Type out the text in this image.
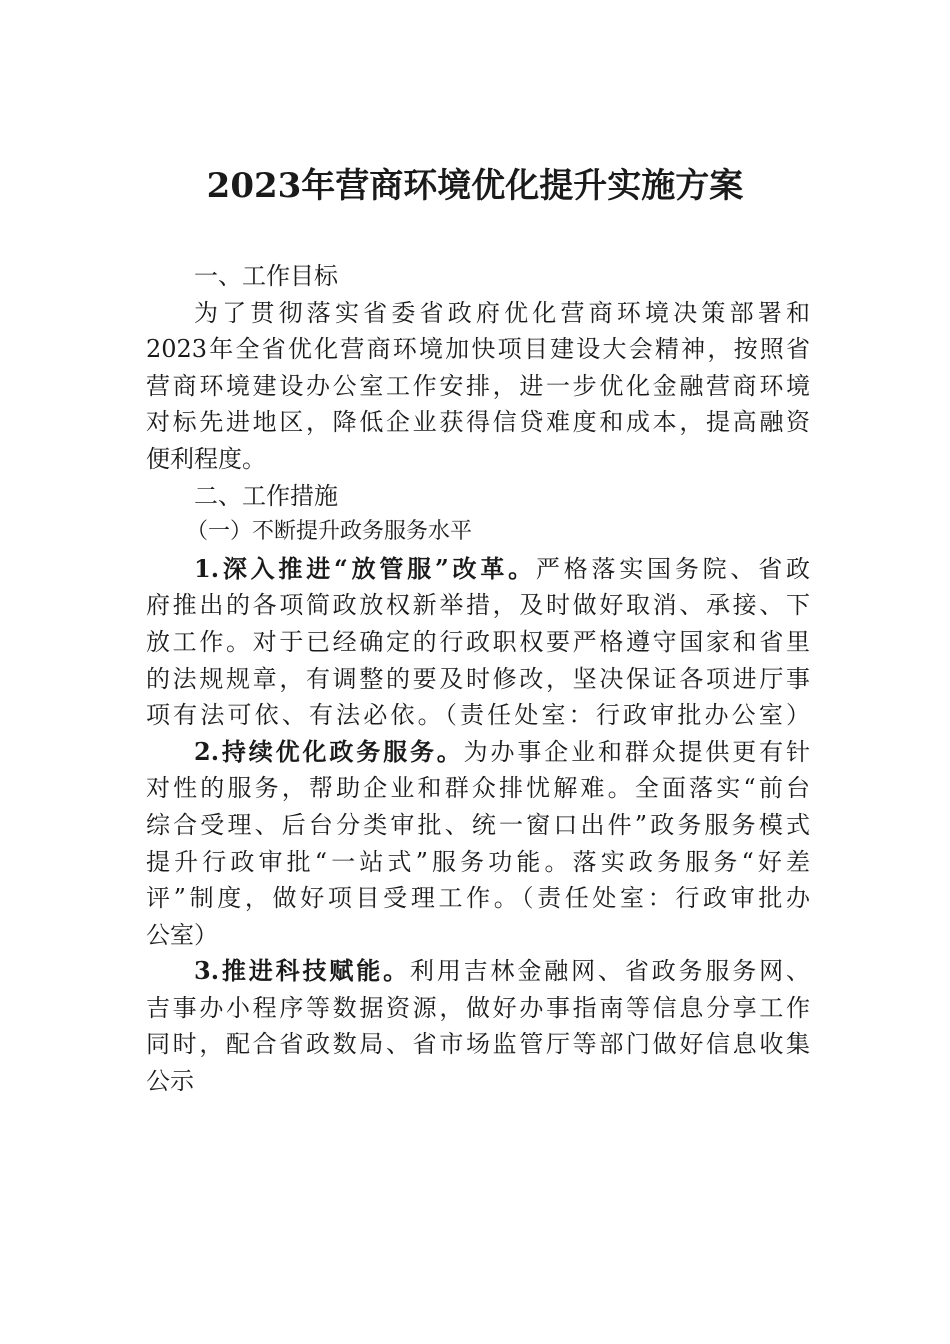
2023年营商环境优化提升实施方案
一、工作目标
为了贯彻落实省委省政府优化营商环境决策部署和
2023年全省优化营商环境加快项目建设大会精神，按照省
营商环境建设办公室工作安排，进一步优化金融营商环境
对标先进地区，降低企业获得信贷难度和成本，提高融资
便利程度。
二、工作措施
（一）不断提升政务服务水平
1.深入推进“放管服”改革。严格落实国务院、省政
府推出的各项简政放权新举措，及时做好取消、承接、下
放工作。对于已经确定的行政职权要严格遵守国家和省里
的法规规章，有调整的要及时修改，坚决保证各项进厅事
项有法可依、有法必依。（责任处室：行政审批办公室）
2.持续优化政务服务。为办事企业和群众提供更有针
对性的服务，帮助企业和群众排忧解难。全面落实“前台
综合受理、后台分类审批、统一窗口出件”政务服务模式
提升行政审批“一站式”服务功能。落实政务服务“好差
评”制度，做好项目受理工作。（责任处室：行政审批办
公室）
3.推进科技赋能。利用吉林金融网、省政务服务网、
吉事办小程序等数据资源，做好办事指南等信息分享工作
同时，配合省政数局、省市场监管厅等部门做好信息收集
公示
